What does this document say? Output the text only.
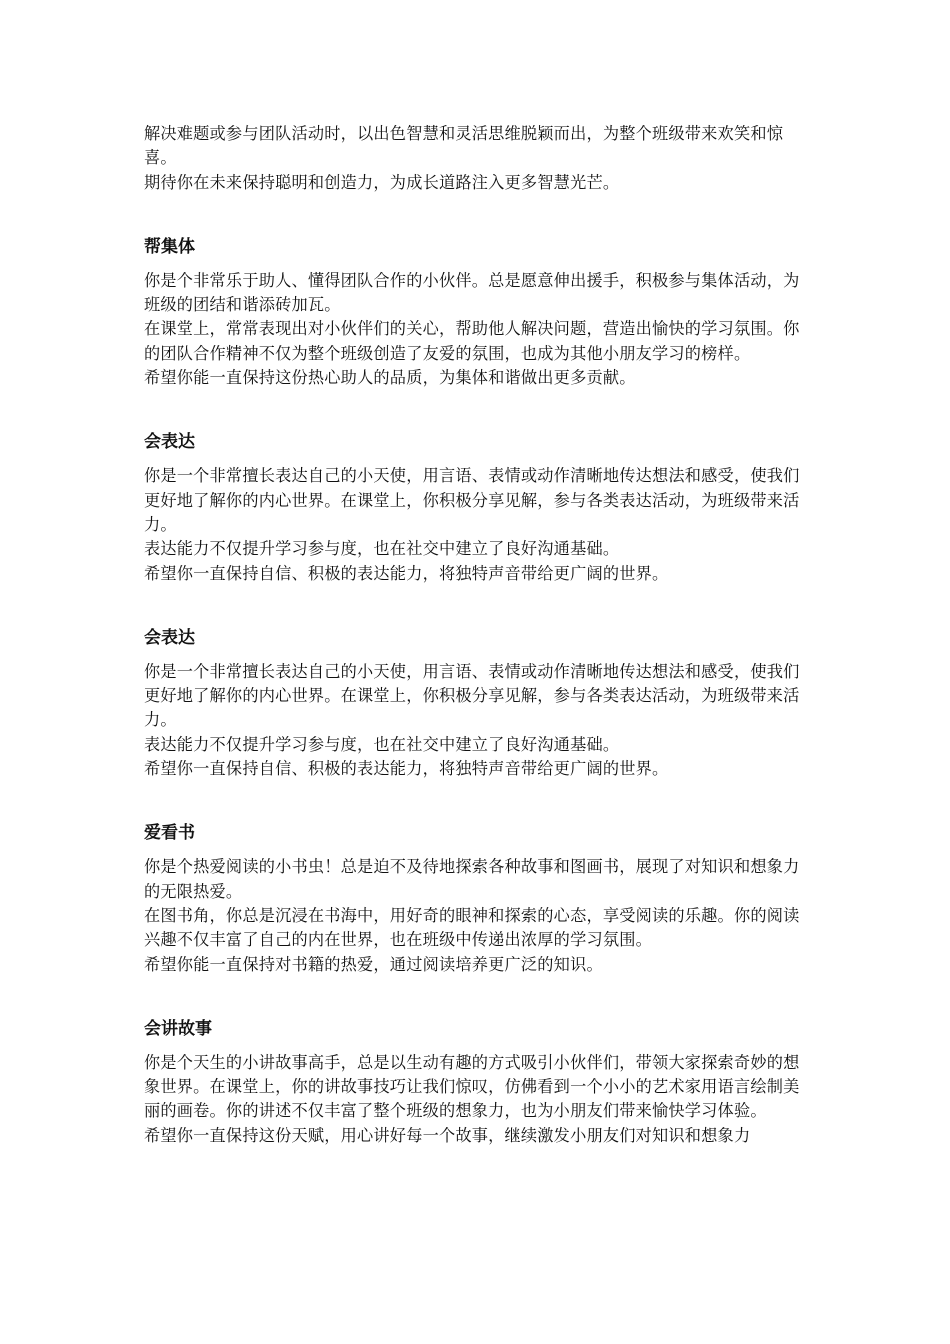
解决难题或参与团队活动时，以出色智慧和灵活思维脱颖而出，为整个班级带来欢笑和惊喜。

期待你在未来保持聪明和创造力，为成长道路注入更多智慧光芒。

帮集体

你是个非常乐于助人、懂得团队合作的小伙伴。总是愿意伸出援手，积极参与集体活动，为班级的团结和谐添砖加瓦。

在课堂上，常常表现出对小伙伴们的关心，帮助他人解决问题，营造出愉快的学习氛围。你的团队合作精神不仅为整个班级创造了友爱的氛围，也成为其他小朋友学习的榜样。

希望你能一直保持这份热心助人的品质，为集体和谐做出更多贡献。

会表达

你是一个非常擅长表达自己的小天使，用言语、表情或动作清晰地传达想法和感受，使我们更好地了解你的内心世界。在课堂上，你积极分享见解，参与各类表达活动，为班级带来活力。

表达能力不仅提升学习参与度，也在社交中建立了良好沟通基础。

希望你一直保持自信、积极的表达能力，将独特声音带给更广阔的世界。

会表达

你是一个非常擅长表达自己的小天使，用言语、表情或动作清晰地传达想法和感受，使我们更好地了解你的内心世界。在课堂上，你积极分享见解，参与各类表达活动，为班级带来活力。

表达能力不仅提升学习参与度，也在社交中建立了良好沟通基础。

希望你一直保持自信、积极的表达能力，将独特声音带给更广阔的世界。

爱看书

你是个热爱阅读的小书虫！总是迫不及待地探索各种故事和图画书，展现了对知识和想象力的无限热爱。

在图书角，你总是沉浸在书海中，用好奇的眼神和探索的心态，享受阅读的乐趣。你的阅读兴趣不仅丰富了自己的内在世界，也在班级中传递出浓厚的学习氛围。

希望你能一直保持对书籍的热爱，通过阅读培养更广泛的知识。

会讲故事

你是个天生的小讲故事高手，总是以生动有趣的方式吸引小伙伴们，带领大家探索奇妙的想象世界。在课堂上，你的讲故事技巧让我们惊叹，仿佛看到一个小小的艺术家用语言绘制美丽的画卷。你的讲述不仅丰富了整个班级的想象力，也为小朋友们带来愉快学习体验。

希望你一直保持这份天赋，用心讲好每一个故事，继续激发小朋友们对知识和想象力
